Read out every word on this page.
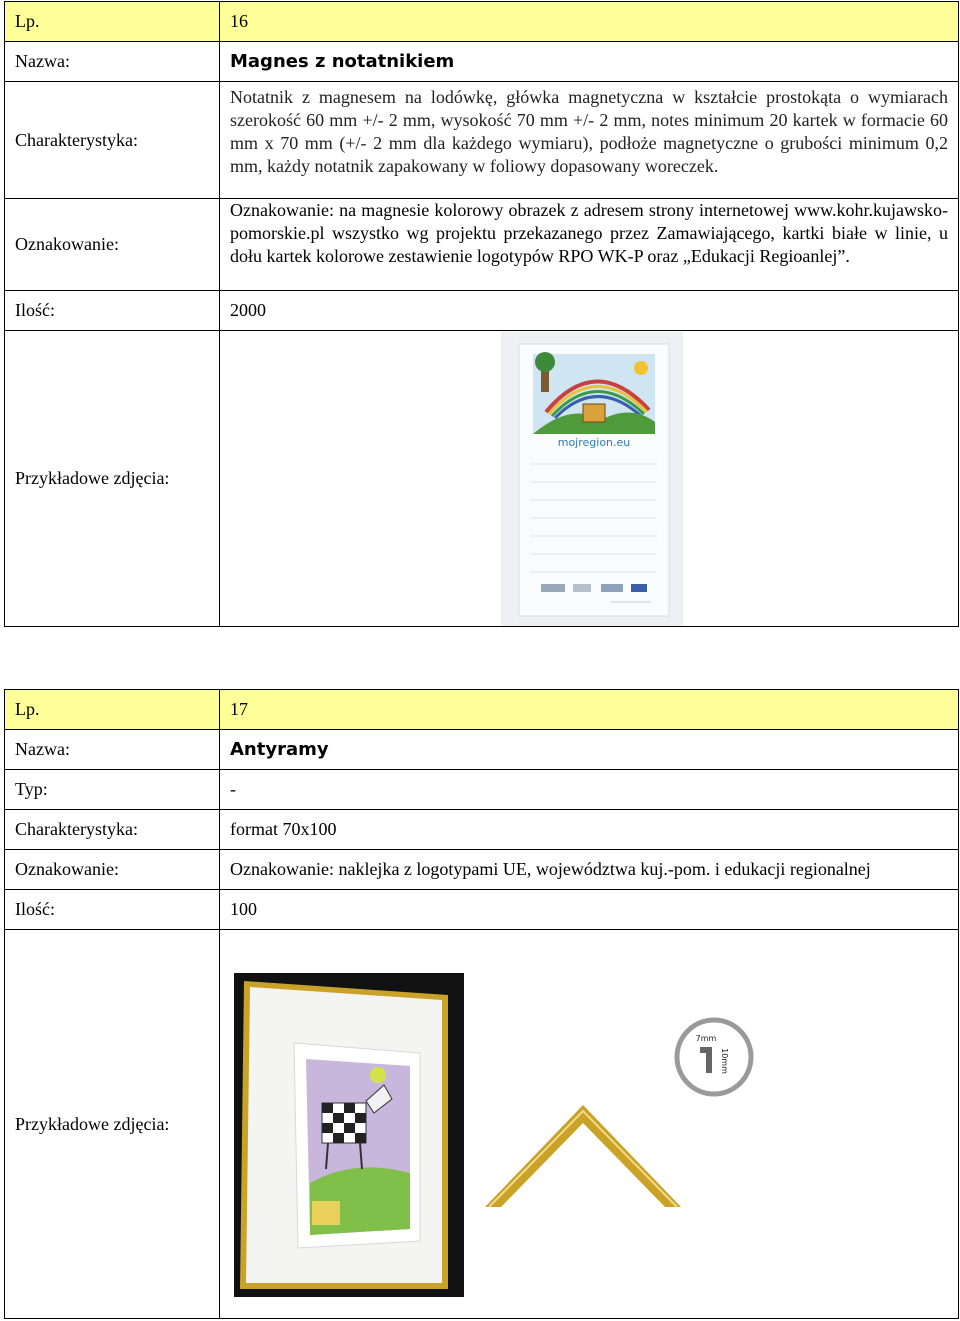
Lp.	16
Nazwa:	Magnes z notatnikiem
Charakterystyka:	Notatnik z magnesem na lodówkę, główka magnetyczna w kształcie prostokąta o wymiarach szerokość 60 mm +/- 2 mm, wysokość 70 mm +/- 2 mm, notes minimum 20 kartek w formacie 60 mm x 70 mm (+/- 2 mm dla każdego wymiaru), podłoże magnetyczne o grubości minimum 0,2 mm, każdy notatnik zapakowany w foliowy dopasowany woreczek.
Oznakowanie:	Oznakowanie: na magnesie kolorowy obrazek z adresem strony internetowej www.kohr.kujawsko-pomorskie.pl wszystko wg projektu przekazanego przez Zamawiającego, kartki białe w linie, u dołu kartek kolorowe zestawienie logotypów RPO WK-P oraz „Edukacji Regioanlej”.
Ilość:	2000
Przykładowe zdjęcia:	mojregion.eu
Lp.	17
Nazwa:	Antyramy
Typ:	-
Charakterystyka:	format 70x100
Oznakowanie:	Oznakowanie: naklejka z logotypami UE, województwa kuj.-pom. i edukacji regionalnej
Ilość:	100
Przykładowe zdjęcia:	7mm
10mm
